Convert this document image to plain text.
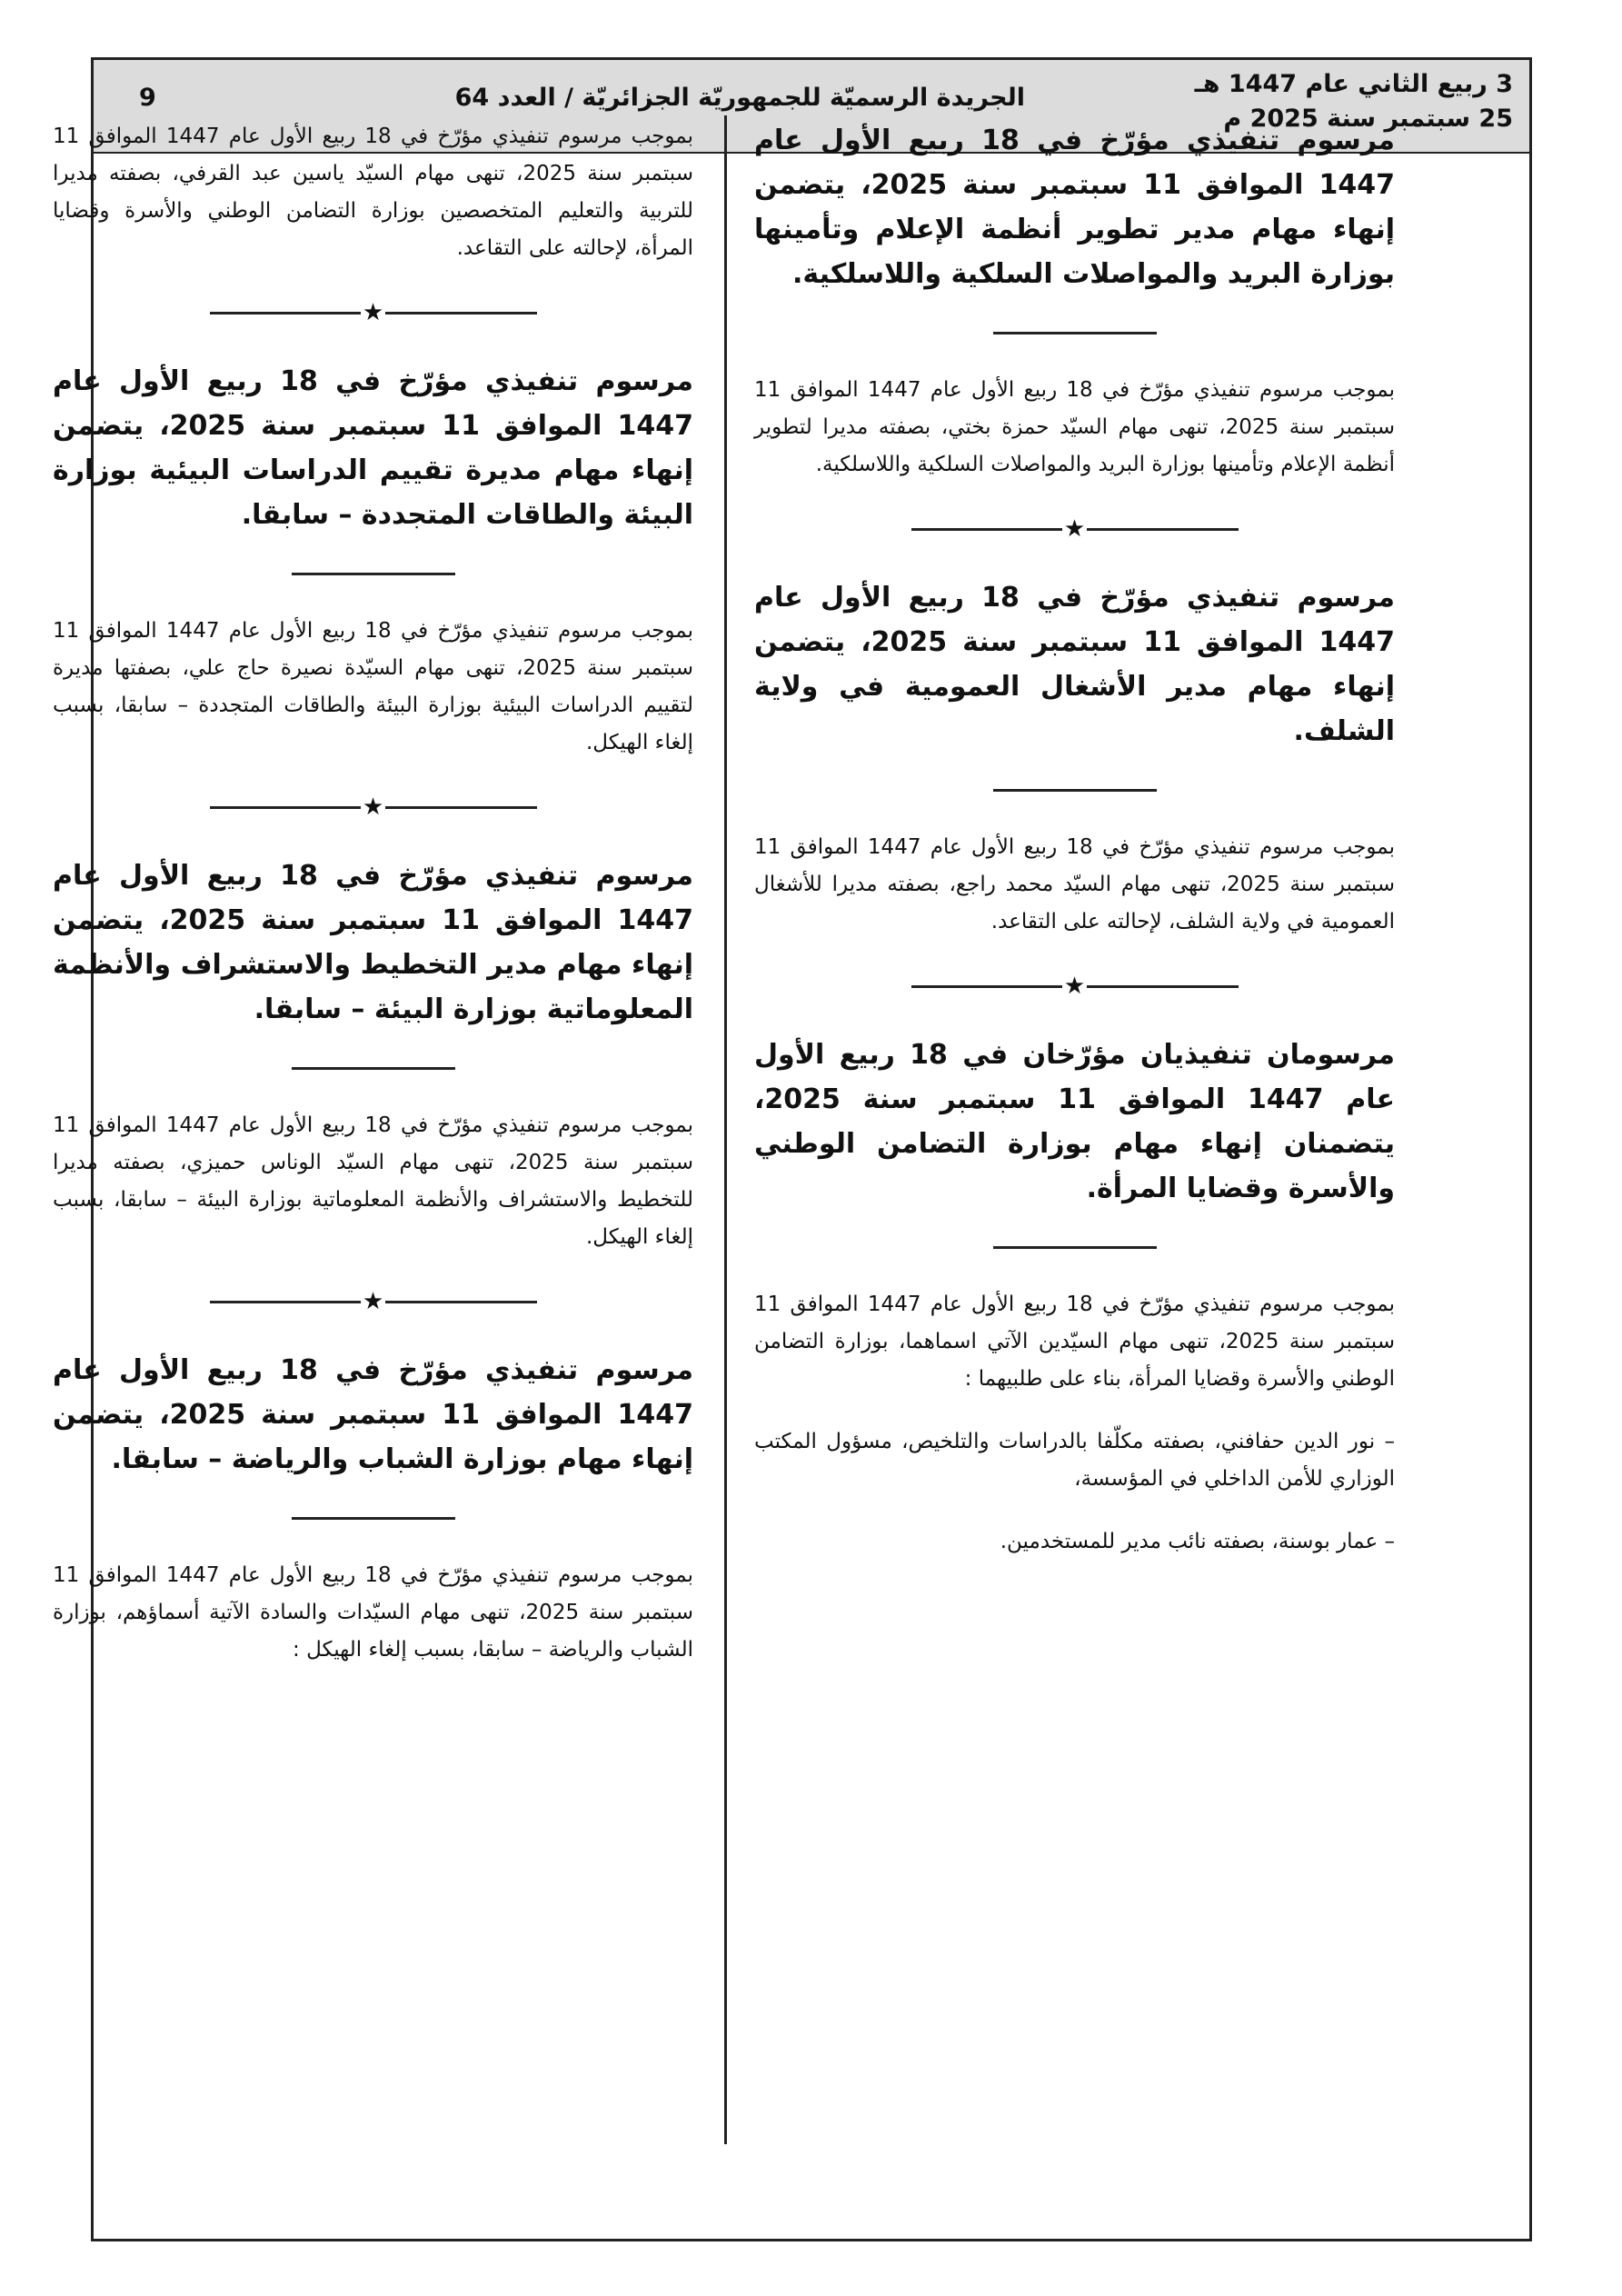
3 ربيع الثاني عام 1447 هـ
25 سبتمبر سنة 2025 م
الجريدة الرسميّة للجمهوريّة الجزائريّة / العدد 64
9

مرسوم تنفيذي مؤرّخ في 18 ربيع الأول عام 1447 الموافق 11 سبتمبر سنة 2025، يتضمن إنهاء مهام مدير تطوير أنظمة الإعلام وتأمينها بوزارة البريد والمواصلات السلكية واللاسلكية.

بموجب مرسوم تنفيذي مؤرّخ في 18 ربيع الأول عام 1447 الموافق 11 سبتمبر سنة 2025، تنهى مهام السيّد حمزة بختي، بصفته مديرا لتطوير أنظمة الإعلام وتأمينها بوزارة البريد والمواصلات السلكية واللاسلكية.

★

مرسوم تنفيذي مؤرّخ في 18 ربيع الأول عام 1447 الموافق 11 سبتمبر سنة 2025، يتضمن إنهاء مهام مدير الأشغال العمومية في ولاية الشلف.

بموجب مرسوم تنفيذي مؤرّخ في 18 ربيع الأول عام 1447 الموافق 11 سبتمبر سنة 2025، تنهى مهام السيّد محمد راجع، بصفته مديرا للأشغال العمومية في ولاية الشلف، لإحالته على التقاعد.

★

مرسومان تنفيذيان مؤرّخان في 18 ربيع الأول عام 1447 الموافق 11 سبتمبر سنة 2025، يتضمنان إنهاء مهام بوزارة التضامن الوطني والأسرة وقضايا المرأة.

بموجب مرسوم تنفيذي مؤرّخ في 18 ربيع الأول عام 1447 الموافق 11 سبتمبر سنة 2025، تنهى مهام السيّدين الآتي اسماهما، بوزارة التضامن الوطني والأسرة وقضايا المرأة، بناء على طلبيهما :

– نور الدين حفافني، بصفته مكلّفا بالدراسات والتلخيص، مسؤول المكتب الوزاري للأمن الداخلي في المؤسسة،

– عمار بوسنة، بصفته نائب مدير للمستخدمين.

بموجب مرسوم تنفيذي مؤرّخ في 18 ربيع الأول عام 1447 الموافق 11 سبتمبر سنة 2025، تنهى مهام السيّد ياسين عبد القرفي، بصفته مديرا للتربية والتعليم المتخصصين بوزارة التضامن الوطني والأسرة وقضايا المرأة، لإحالته على التقاعد.

★

مرسوم تنفيذي مؤرّخ في 18 ربيع الأول عام 1447 الموافق 11 سبتمبر سنة 2025، يتضمن إنهاء مهام مديرة تقييم الدراسات البيئية بوزارة البيئة والطاقات المتجددة – سابقا.

بموجب مرسوم تنفيذي مؤرّخ في 18 ربيع الأول عام 1447 الموافق 11 سبتمبر سنة 2025، تنهى مهام السيّدة نصيرة حاج علي، بصفتها مديرة لتقييم الدراسات البيئية بوزارة البيئة والطاقات المتجددة – سابقا، بسبب إلغاء الهيكل.

★

مرسوم تنفيذي مؤرّخ في 18 ربيع الأول عام 1447 الموافق 11 سبتمبر سنة 2025، يتضمن إنهاء مهام مدير التخطيط والاستشراف والأنظمة المعلوماتية بوزارة البيئة – سابقا.

بموجب مرسوم تنفيذي مؤرّخ في 18 ربيع الأول عام 1447 الموافق 11 سبتمبر سنة 2025، تنهى مهام السيّد الوناس حميزي، بصفته مديرا للتخطيط والاستشراف والأنظمة المعلوماتية بوزارة البيئة – سابقا، بسبب إلغاء الهيكل.

★

مرسوم تنفيذي مؤرّخ في 18 ربيع الأول عام 1447 الموافق 11 سبتمبر سنة 2025، يتضمن إنهاء مهام بوزارة الشباب والرياضة – سابقا.

بموجب مرسوم تنفيذي مؤرّخ في 18 ربيع الأول عام 1447 الموافق 11 سبتمبر سنة 2025، تنهى مهام السيّدات والسادة الآتية أسماؤهم، بوزارة الشباب والرياضة – سابقا، بسبب إلغاء الهيكل :
